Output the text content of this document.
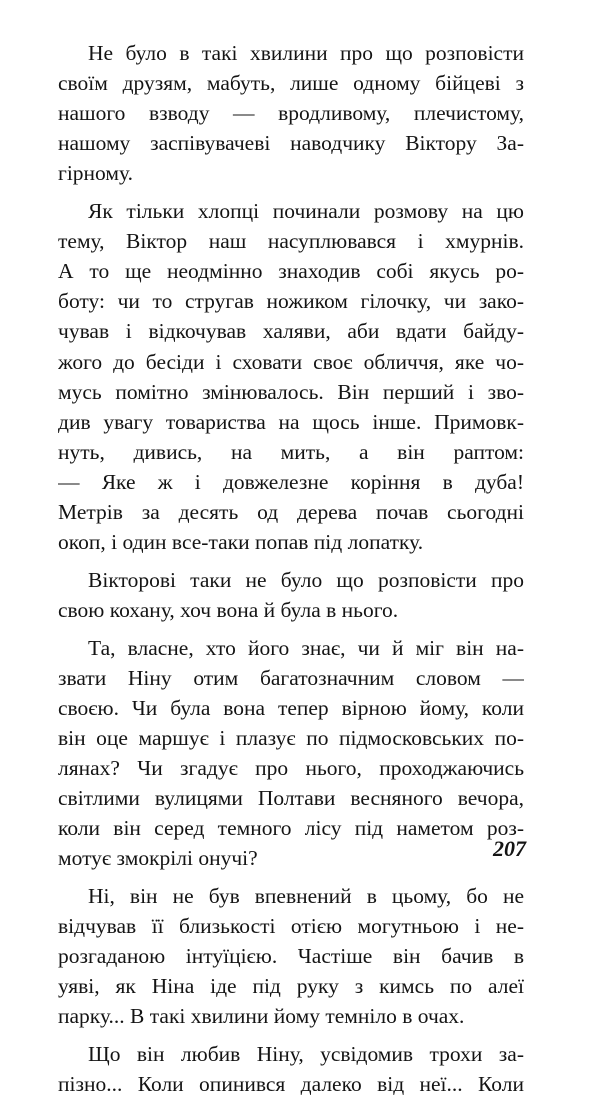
Не було в такі хвилини про що розповісти
своїм друзям, мабуть, лише одному бійцеві з
нашого взводу — вродливому, плечистому,
нашому заспівувачеві наводчику Віктору За-
гірному.
Як тільки хлопці починали розмову на цю
тему, Віктор наш насуплювався і хмурнів.
А то ще неодмінно знаходив собі якусь ро-
боту: чи то стругав ножиком гілочку, чи зако-
чував і відкочував халяви, аби вдати байду-
жого до бесіди і сховати своє обличчя, яке чо-
мусь помітно змінювалось. Він перший і зво-
див увагу товариства на щось інше. Примовк-
нуть, дивись, на мить, а він раптом:
— Яке ж і довжелезне коріння в дуба!
Метрів за десять од дерева почав сьогодні
окоп, і один все-таки попав під лопатку.
Вікторові таки не було що розповісти про
свою кохану, хоч вона й була в нього.
Та, власне, хто його знає, чи й міг він на-
звати Ніну отим багатозначним словом —
своєю. Чи була вона тепер вірною йому, коли
він оце маршує і плазує по підмосковських по-
лянах? Чи згадує про нього, проходжаючись
світлими вулицями Полтави весняного вечора,
коли він серед темного лісу під наметом роз-
мотує змокрілі онучі?
Ні, він не був впевнений в цьому, бо не
відчував її близькості отією могутньою і не-
розгаданою інтуїцією. Частіше він бачив в
уяві, як Ніна іде під руку з кимсь по алеї
парку... В такі хвилини йому темніло в очах.
Що він любив Ніну, усвідомив трохи за-
пізно... Коли опинився далеко від неї... Коли
207
